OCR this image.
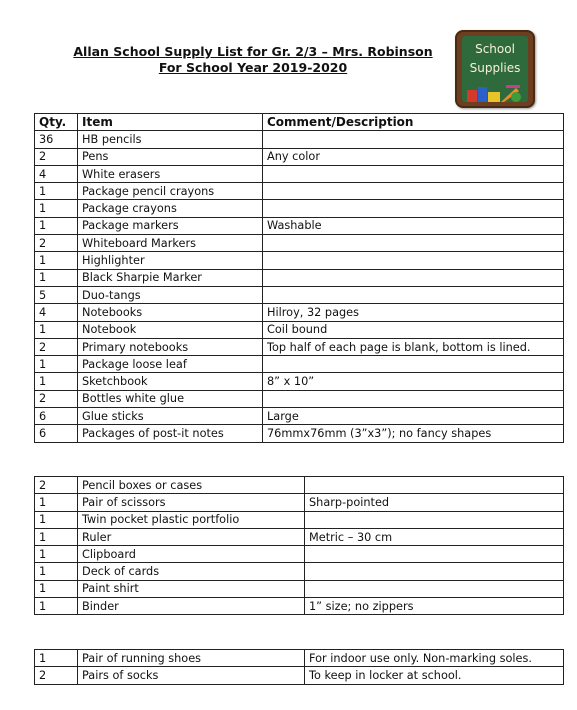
Allan School Supply List for Gr. 2/3 – Mrs. Robinson
For School Year 2019-2020
School
Supplies
Qty.	Item	Comment/Description
36	HB pencils	
2	Pens	Any color
4	White erasers	
1	Package pencil crayons	
1	Package crayons	
1	Package markers	Washable
2	Whiteboard Markers	
1	Highlighter	
1	Black Sharpie Marker	
5	Duo-tangs	
4	Notebooks	Hilroy, 32 pages
1	Notebook	Coil bound
2	Primary notebooks	Top half of each page is blank, bottom is lined.
1	Package loose leaf	
1	Sketchbook	8” x 10”
2	Bottles white glue	
6	Glue sticks	Large
6	Packages of post-it notes	76mmx76mm (3”x3”); no fancy shapes
2	Pencil boxes or cases	
1	Pair of scissors	Sharp-pointed
1	Twin pocket plastic portfolio	
1	Ruler	Metric – 30 cm
1	Clipboard	
1	Deck of cards	
1	Paint shirt	
1	Binder	1” size; no zippers
1	Pair of running shoes	For indoor use only. Non-marking soles.
2	Pairs of socks	To keep in locker at school.
